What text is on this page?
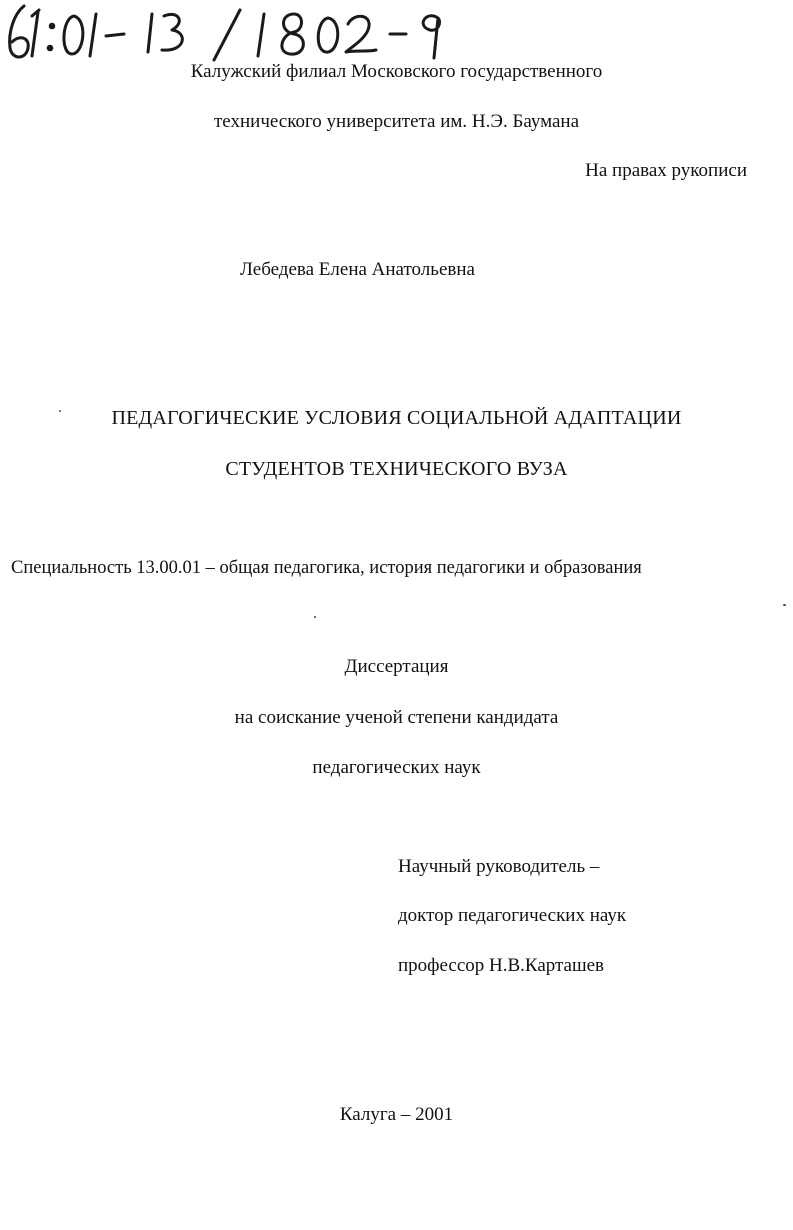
Калужский филиал Московского государственного
технического университета им. Н.Э. Баумана
На правах рукописи
Лебедева Елена Анатольевна
ПЕДАГОГИЧЕСКИЕ УСЛОВИЯ СОЦИАЛЬНОЙ АДАПТАЦИИ
СТУДЕНТОВ ТЕХНИЧЕСКОГО ВУЗА
Специальность 13.00.01 – общая педагогика, история педагогики и образования
Диссертация
на соискание ученой степени кандидата
педагогических наук
Научный руководитель –
доктор педагогических наук
профессор Н.В.Карташев
Калуга – 2001
